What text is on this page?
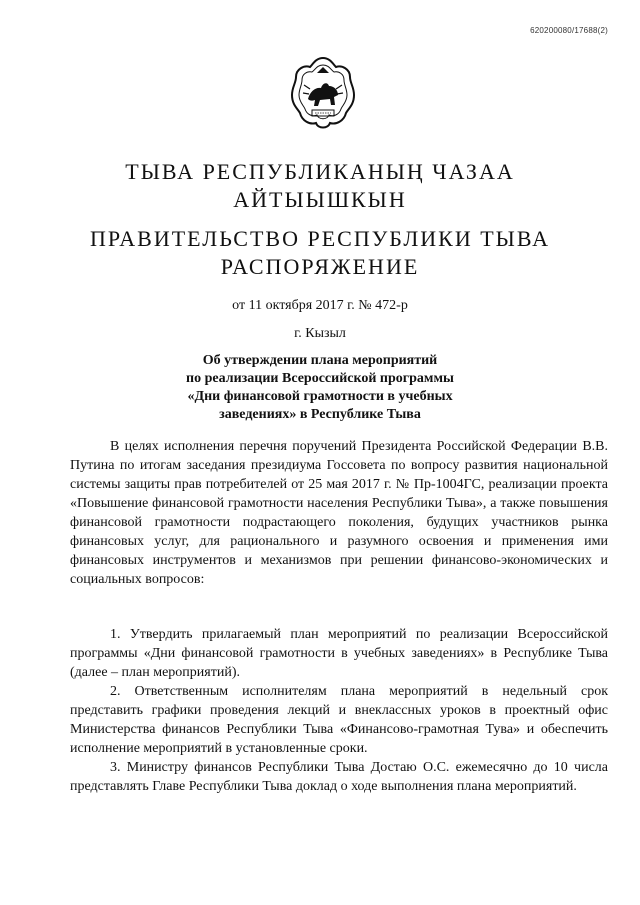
620200080/17688(2)
ТЫВА РЕСПУБЛИКАНЫҢ ЧАЗАА
АЙТЫЫШКЫН
ПРАВИТЕЛЬСТВО РЕСПУБЛИКИ ТЫВА
РАСПОРЯЖЕНИЕ
от 11 октября 2017 г. № 472-р
г. Кызыл
Об утверждении плана мероприятий
по реализации Всероссийской программы
«Дни финансовой грамотности в учебных
заведениях» в Республике Тыва

В целях исполнения перечня поручений Президента Российской Федерации В.В. Путина по итогам заседания президиума Госсовета по вопросу развития национальной системы защиты прав потребителей от 25 мая 2017 г. № Пр-1004ГС, реализации проекта «Повышение финансовой грамотности населения Республики Тыва», а также повышения финансовой грамотности подрастающего поколения, будущих участников рынка финансовых услуг, для рационального и разумного освоения и применения ими финансовых инструментов и механизмов при решении финансово-экономических и социальных вопросов:

1. Утвердить прилагаемый план мероприятий по реализации Всероссийской программы «Дни финансовой грамотности в учебных заведениях» в Республике Тыва (далее – план мероприятий).

2. Ответственным исполнителям плана мероприятий в недельный срок представить графики проведения лекций и внеклассных уроков в проектный офис Министерства финансов Республики Тыва «Финансово-грамотная Тува» и обеспечить исполнение мероприятий в установленные сроки.

3. Министру финансов Республики Тыва Достаю О.С. ежемесячно до 10 числа представлять Главе Республики Тыва доклад о ходе выполнения плана мероприятий.
